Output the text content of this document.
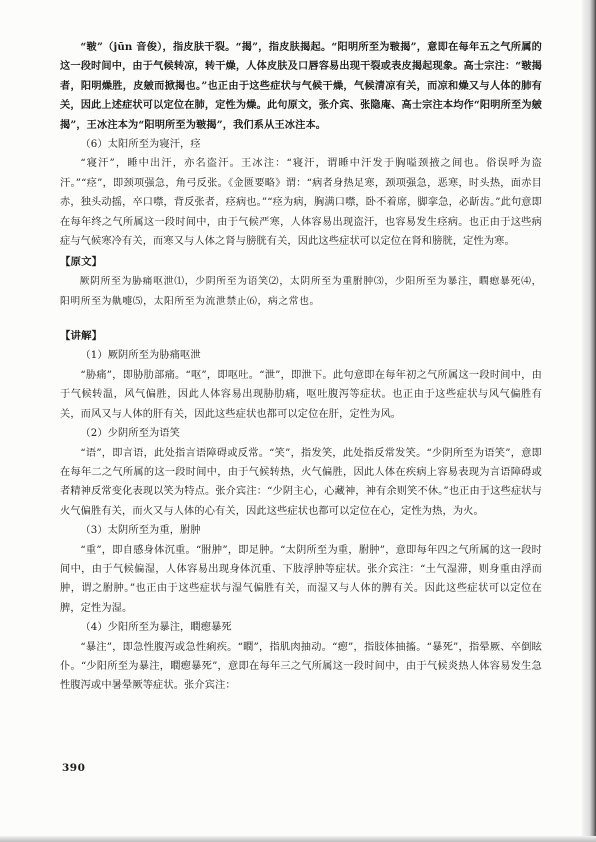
“皲”（jūn 音俊），指皮肤干裂。“揭”，指皮肤揭起。“阳明所至为皲揭”，意即在每年五之气所属的这一段时间中，由于气候转凉，转干燥，人体皮肤及口唇容易出现干裂或表皮揭起现象。高士宗注：“皲揭者，阳明燥胜，皮皴而掀揭也。”也正由于这些症状与气候干燥，气候清凉有关，而凉和燥又与人体的肺有关，因此上述症状可以定位在肺，定性为燥。此句原文，张介宾、张隐庵、高士宗注本均作“阳明所至为皴揭”，王冰注本为“阳明所至为皲揭”，我们系从王冰注本。

（6）太阳所至为寝汗，痉

“寝汗”，睡中出汗，亦名盗汗。王冰注：“寝汗，谓睡中汗发于胸嗌颈掖之间也。俗误呼为盗汗。”“痉”，即颈项强急，角弓反张。《金匮要略》谓：“病者身热足寒，颈项强急，恶寒，时头热，面赤目赤，独头动摇，卒口噤，背反张者，痉病也。”“痉为病，胸满口噤，卧不着席，脚挛急，必龂齿。”此句意即在每年终之气所属这一段时间中，由于气候严寒，人体容易出现盗汗，也容易发生痉病。也正由于这些病症与气候寒冷有关，而寒又与人体之肾与膀胱有关，因此这些症状可以定位在肾和膀胱，定性为寒。

【原文】

厥阴所至为胁痛呕泄⑴，少阴所至为语笑⑵，太阴所至为重胕肿⑶，少阳所至为暴注，瞤瘛暴死⑷，阳明所至为鼽嚏⑸，太阳所至为流泄禁止⑹，病之常也。

【讲解】

（1）厥阴所至为胁痛呕泄

“胁痛”，即胁肋部痛。“呕”，即呕吐。“泄”，即泄下。此句意即在每年初之气所属这一段时间中，由于气候转温，风气偏胜，因此人体容易出现胁肋痛，呕吐腹泻等症状。也正由于这些症状与风气偏胜有关，而风又与人体的肝有关，因此这些症状也都可以定位在肝，定性为风。

（2）少阴所至为语笑

“语”，即言语，此处指言语障碍或反常。“笑”，指发笑，此处指反常发笑。“少阴所至为语笑”，意即在每年二之气所属的这一段时间中，由于气候转热，火气偏胜，因此人体在疾病上容易表现为言语障碍或者精神反常变化表现以笑为特点。张介宾注：“少阴主心，心藏神，神有余则笑不休。”也正由于这些症状与火气偏胜有关，而火又与人体的心有关，因此这些症状也都可以定位在心，定性为热，为火。

（3）太阴所至为重，胕肿

“重”，即自感身体沉重。“胕肿”，即足肿。“太阴所至为重，胕肿”，意即每年四之气所属的这一段时间中，由于气候偏湿，人体容易出现身体沉重、下肢浮肿等症状。张介宾注：“土气湿滞，则身重由浮而肿，谓之胕肿。”也正由于这些症状与湿气偏胜有关，而湿又与人体的脾有关。因此这些症状可以定位在脾，定性为湿。

（4）少阳所至为暴注，瞤瘛暴死

“暴注”，即急性腹泻或急性痢疾。“瞤”，指肌肉抽动。“瘛”，指肢体抽搐。“暴死”，指晕厥、卒倒眩仆。“少阳所至为暴注，瞤瘛暴死”，意即在每年三之气所属这一段时间中，由于气候炎热人体容易发生急性腹泻或中暑晕厥等症状。张介宾注：

390
